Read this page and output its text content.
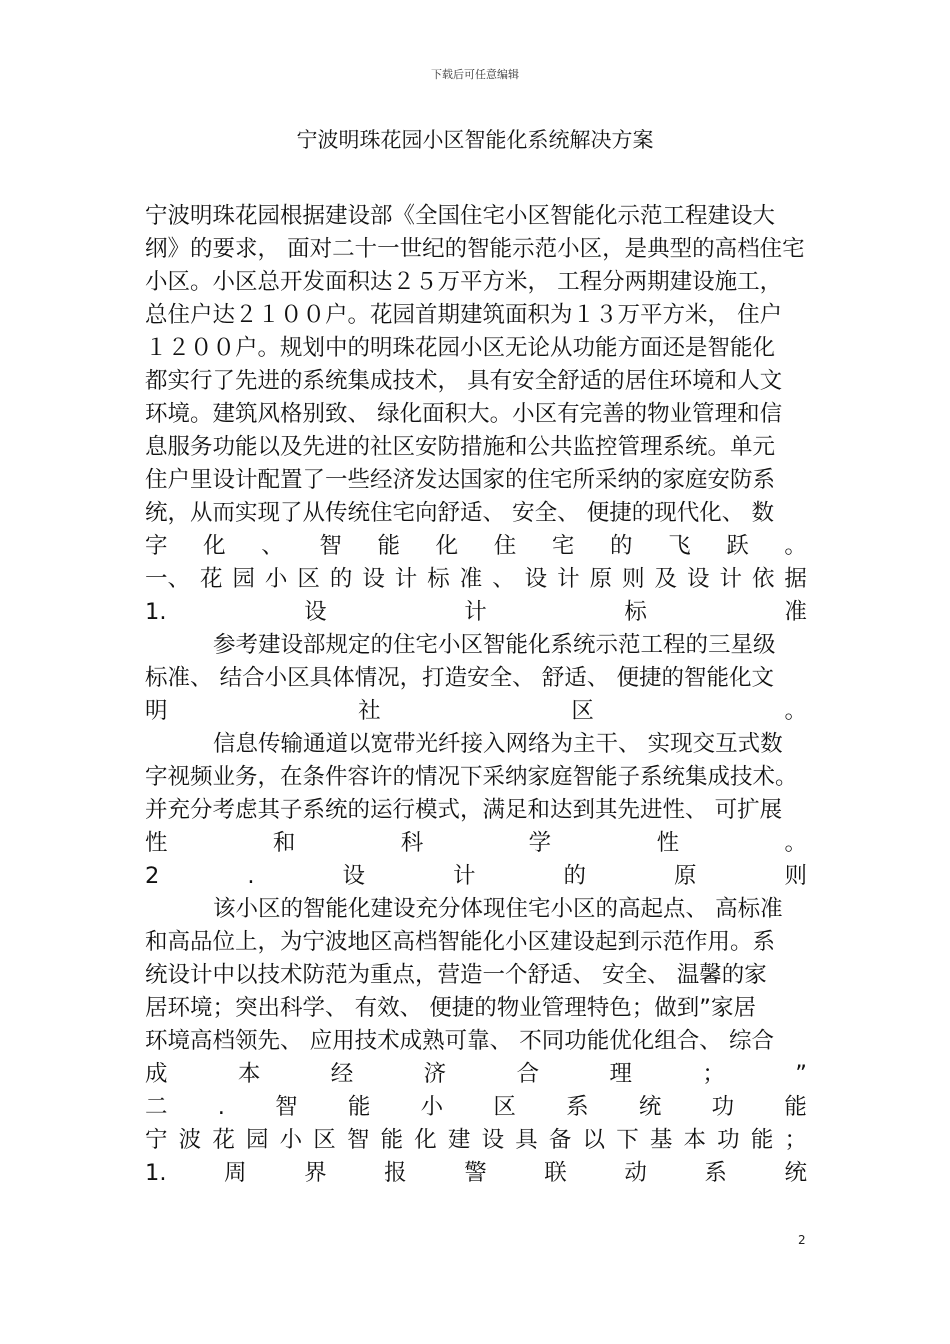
下载后可任意编辑
宁波明珠花园小区智能化系统解决方案
宁波明珠花园根据建设部《全国住宅小区智能化示范工程建设大
纲》的要求， 面对二十一世纪的智能示范小区，是典型的高档住宅
小区。小区总开发面积达２５万平方米， 工程分两期建设施工，
总住户达２１００户。花园首期建筑面积为１３万平方米， 住户
１２００户。规划中的明珠花园小区无论从功能方面还是智能化
都实行了先进的系统集成技术， 具有安全舒适的居住环境和人文
环境。建筑风格别致、 绿化面积大。小区有完善的物业管理和信
息服务功能以及先进的社区安防措施和公共监控管理系统。单元
住户里设计配置了一些经济发达国家的住宅所采纳的家庭安防系
统，从而实现了从传统住宅向舒适、 安全、 便捷的现代化、 数
字 化 、 智 能 化 住 宅 的 飞 跃 。
一、 花 园 小 区 的 设 计 标 准 、 设 计 原 则 及 设 计 依 据
1.	设	计	标	准
参考建设部规定的住宅小区智能化系统示范工程的三星级
标准、 结合小区具体情况，打造安全、 舒适、 便捷的智能化文
明	社	区	。
信息传输通道以宽带光纤接入网络为主干、 实现交互式数
字视频业务，在条件容许的情况下采纳家庭智能子系统集成技术。
并充分考虑其子系统的运行模式，满足和达到其先进性、 可扩展
性	和	科	学	性	。
2	.	设	计	的	原	则
该小区的智能化建设充分体现住宅小区的高起点、 高标准
和高品位上，为宁波地区高档智能化小区建设起到示范作用。系
统设计中以技术防范为重点，营造一个舒适、 安全、 温馨的家
居环境；突出科学、 有效、 便捷的物业管理特色；做到”家居
环境高档领先、 应用技术成熟可靠、 不同功能优化组合、 综合
成	本	经	济	合	理	；	”
二 . 智 能 小 区 系 统 功 能
宁 波 花 园 小 区 智 能 化 建 设 具 备 以 下 基 本 功 能 ；
1.	周	界	报	警	联	动	系	统
2
